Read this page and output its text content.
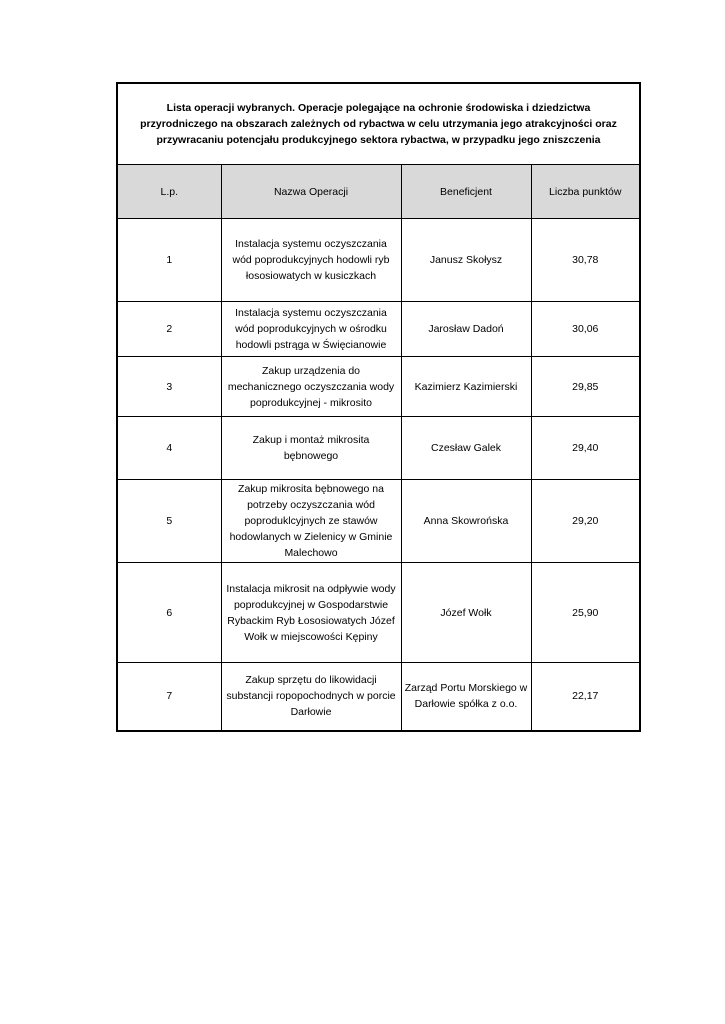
Lista operacji wybranych. Operacje polegające na ochronie środowiska i dziedzictwa przyrodniczego na obszarach zależnych od rybactwa w celu utrzymania jego atrakcyjności oraz przywracaniu potencjału produkcyjnego sektora rybactwa, w przypadku jego zniszczenia			
L.p.	Nazwa Operacji	Beneficjent	Liczba punktów
1	Instalacja systemu oczyszczania wód poprodukcyjnych hodowli ryb łososiowatych w kusiczkach	Janusz Skołysz	30,78
2	Instalacja systemu oczyszczania wód poprodukcyjnych w ośrodku hodowli pstrąga w Święcianowie	Jarosław Dadoń	30,06
3	Zakup urządzenia do mechanicznego oczyszczania wody poprodukcyjnej - mikrosito	Kazimierz Kazimierski	29,85
4	Zakup i montaż mikrosita bębnowego	Czesław Galek	29,40
5	Zakup mikrosita bębnowego na potrzeby oczyszczania wód poproduklcyjnych ze stawów hodowlanych w Zielenicy w Gminie Malechowo	Anna Skowrońska	29,20
6	Instalacja mikrosit na odpływie wody poprodukcyjnej w Gospodarstwie Rybackim Ryb Łososiowatych Józef Wołk w miejscowości Kępiny	Józef Wołk	25,90
7	Zakup sprzętu do likowidacji substancji ropopochodnych w porcie Darłowie	Zarząd Portu Morskiego w Darłowie spółka z o.o.	22,17
